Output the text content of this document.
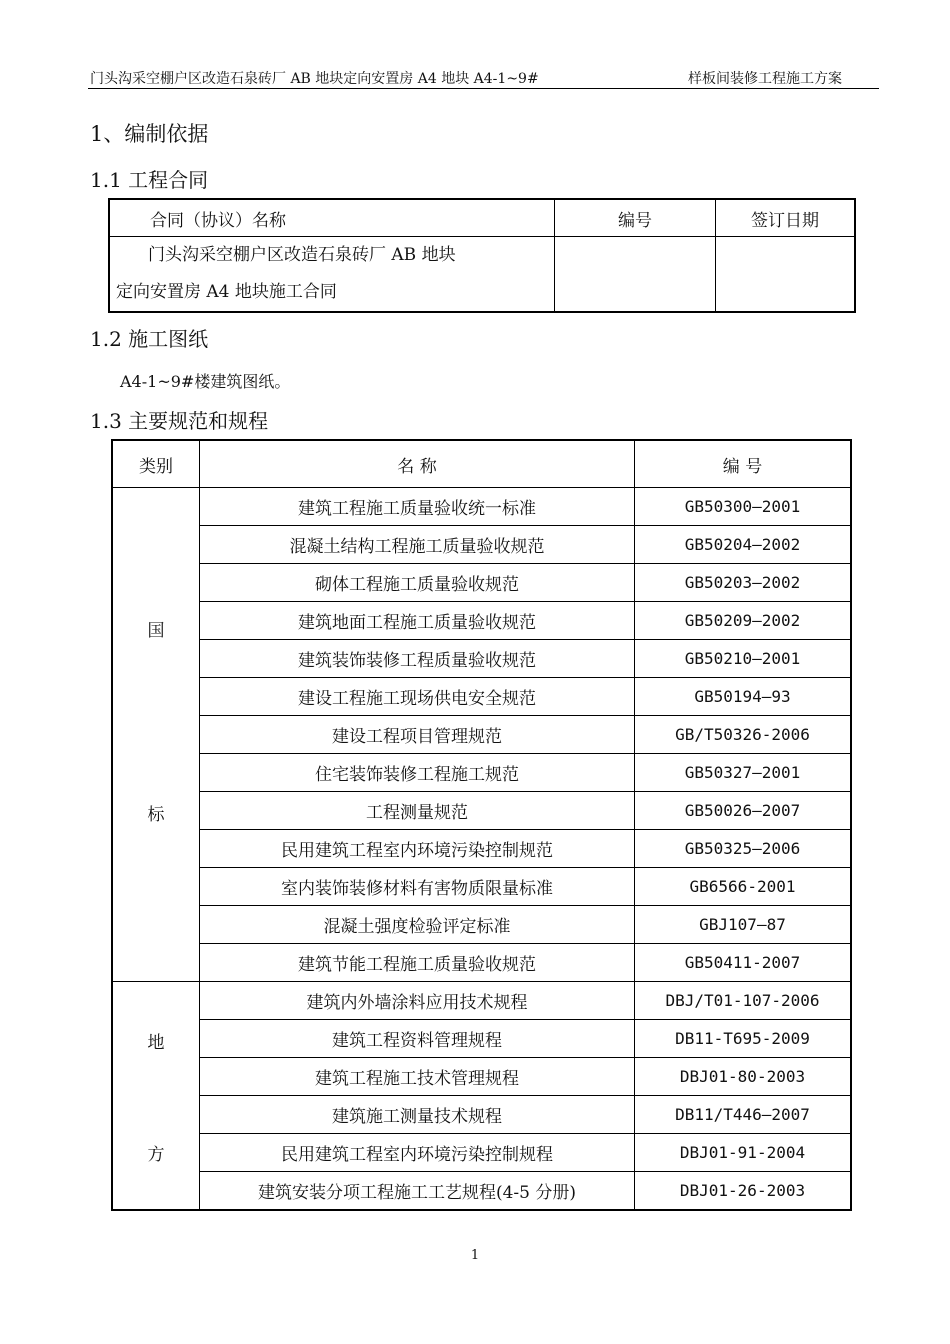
门头沟采空棚户区改造石泉砖厂 AB 地块定向安置房 A4 地块 A4-1~9#	样板间装修工程施工方案
1、编制依据
1.1 工程合同
合同（协议）名称	编号	签订日期
门头沟采空棚户区改造石泉砖厂 AB 地块
定向安置房 A4 地块施工合同		
1.2 施工图纸
A4-1~9#楼建筑图纸。
1.3 主要规范和规程
类别	名 称	编 号

国
标	建筑工程施工质量验收统一标准	GB50300—2001
	混凝土结构工程施工质量验收规范	GB50204—2002
	砌体工程施工质量验收规范	GB50203—2002
	建筑地面工程施工质量验收规范	GB50209—2002
	建筑装饰装修工程质量验收规范	GB50210—2001
	建设工程施工现场供电安全规范	GB50194—93
	建设工程项目管理规范	GB/T50326-2006
	住宅装饰装修工程施工规范	GB50327—2001
	工程测量规范	GB50026—2007
	民用建筑工程室内环境污染控制规范	GB50325—2006
	室内装饰装修材料有害物质限量标准	GB6566-2001
	混凝土强度检验评定标准	GBJ107—87
	建筑节能工程施工质量验收规范	GB50411-2007

地
方	建筑内外墙涂料应用技术规程	DBJ/T01-107-2006
	建筑工程资料管理规程	DB11-T695-2009
	建筑工程施工技术管理规程	DBJ01-80-2003
	建筑施工测量技术规程	DB11/T446—2007
	民用建筑工程室内环境污染控制规程	DBJ01-91-2004
	建筑安装分项工程施工工艺规程(4-5 分册)	DBJ01-26-2003
1
